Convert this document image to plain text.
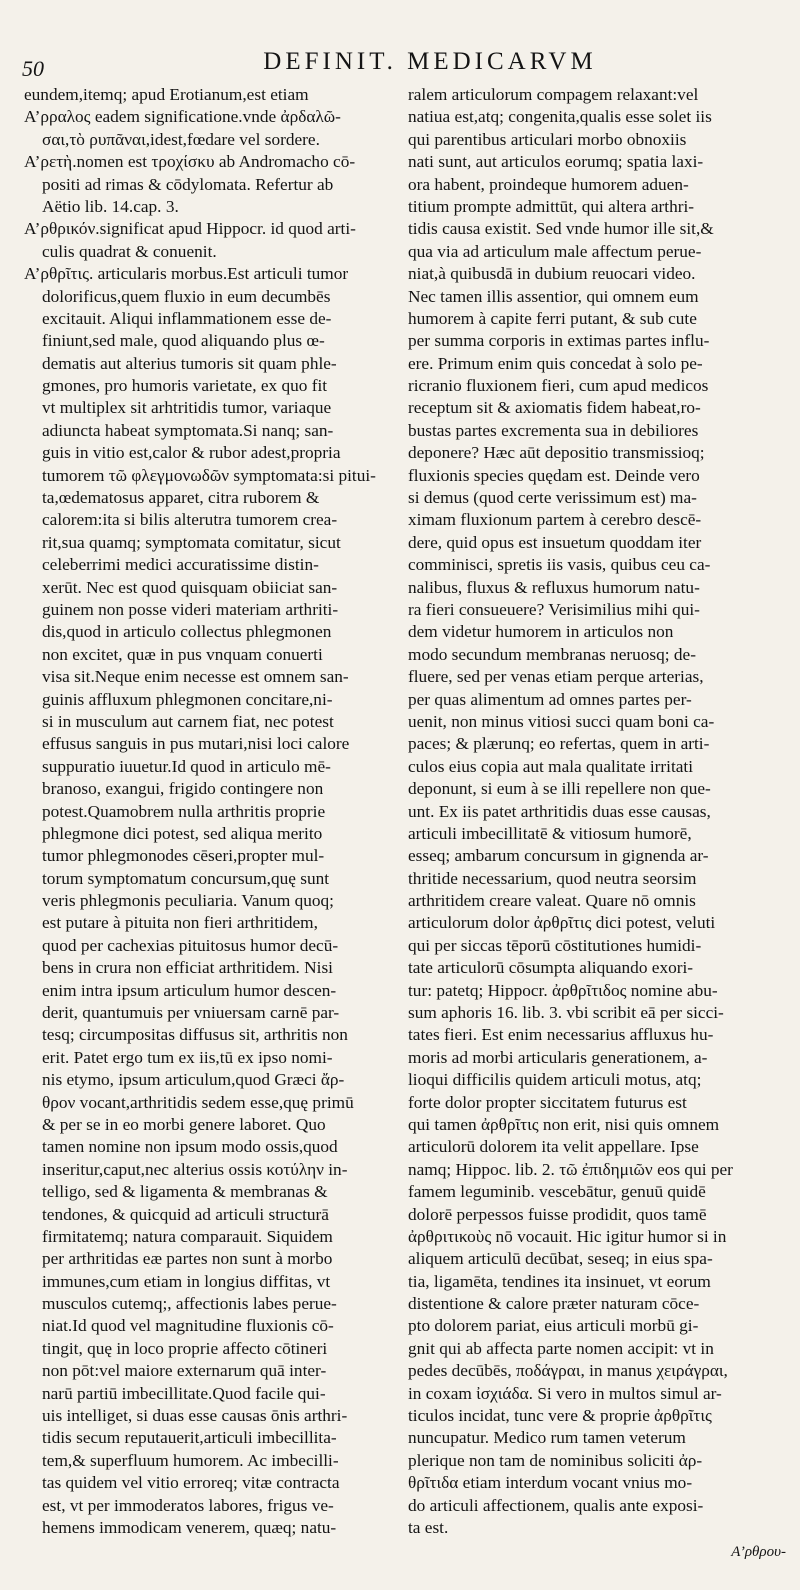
50	DEFINIT. MEDICARVM
eundem,itemq; apud Erotianum,est etiam
Α’ρραλος eadem significatione.vnde ἀρδαλῶ-
σαι,τὸ ρυπᾶναι,idest,fœdare vel sordere.
Α’ρετὴ.nomen est τροχίσκυ ab Andromacho cō-
positi ad rimas & cōdylomata. Refertur ab
Aëtio lib. 14.cap. 3.
Α’ρθρικόν.significat apud Hippocr. id quod arti-
culis quadrat & conuenit.
Α’ρθρῖτις. articularis morbus.Est articuli tumor
dolorificus,quem fluxio in eum decumbēs
excitauit. Aliqui inflammationem esse de-
finiunt,sed male, quod aliquando plus œ-
dematis aut alterius tumoris sit quam phle-
gmones, pro humoris varietate, ex quo fit
vt multiplex sit arhtritidis tumor, variaque
adiuncta habeat symptomata.Si nanq; san-
guis in vitio est,calor & rubor adest,propria
tumorem τῶ φλεγμονωδῶν symptomata:si pitui-
ta,œdematosus apparet, citra ruborem &
calorem:ita si bilis alterutra tumorem crea-
rit,sua quamq; symptomata comitatur, sicut
celeberrimi medici accuratissime distin-
xerūt. Nec est quod quisquam obiiciat san-
guinem non posse videri materiam arthriti-
dis,quod in articulo collectus phlegmonen
non excitet, quæ in pus vnquam conuerti
visa sit.Neque enim necesse est omnem san-
guinis affluxum phlegmonen concitare,ni-
si in musculum aut carnem fiat, nec potest
effusus sanguis in pus mutari,nisi loci calore
suppuratio iuuetur.Id quod in articulo mē-
branoso, exangui, frigido contingere non
potest.Quamobrem nulla arthritis proprie
phlegmone dici potest, sed aliqua merito
tumor phlegmonodes cēseri,propter mul-
torum symptomatum concursum,quę sunt
veris phlegmonis peculiaria. Vanum quoq;
est putare à pituita non fieri arthritidem,
quod per cachexias pituitosus humor decū-
bens in crura non efficiat arthritidem. Nisi
enim intra ipsum articulum humor descen-
derit, quantumuis per vniuersam carnē par-
tesq; circumpositas diffusus sit, arthritis non
erit. Patet ergo tum ex iis,tū ex ipso nomi-
nis etymo, ipsum articulum,quod Græci ἄρ-
θρον vocant,arthritidis sedem esse,quę primū
& per se in eo morbi genere laboret. Quo
tamen nomine non ipsum modo ossis,quod
inseritur,caput,nec alterius ossis κοτύλην in-
telligo, sed & ligamenta & membranas &
tendones, & quicquid ad articuli structurā
firmitatemq; natura comparauit. Siquidem
per arthritidas eæ partes non sunt à morbo
immunes,cum etiam in longius diffitas, vt
musculos cutemq;, affectionis labes perue-
niat.Id quod vel magnitudine fluxionis cō-
tingit, quę in loco proprie affecto cōtineri
non pōt:vel maiore externarum quā inter-
narū partiū imbecillitate.Quod facile qui-
uis intelliget, si duas esse causas ōnis arthri-
tidis secum reputauerit,articuli imbecillita-
tem,& superfluum humorem. Ac imbecilli-
tas quidem vel vitio erroreq; vitæ contracta
est, vt per immoderatos labores, frigus ve-
hemens immodicam venerem, quæq; natu-
ralem articulorum compagem relaxant:vel
natiua est,atq; congenita,qualis esse solet iis
qui parentibus articulari morbo obnoxiis
nati sunt, aut articulos eorumq; spatia laxi-
ora habent, proindeque humorem aduen-
titium prompte admittūt, qui altera arthri-
tidis causa existit. Sed vnde humor ille sit,&
qua via ad articulum male affectum perue-
niat,à quibusdā in dubium reuocari video.
Nec tamen illis assentior, qui omnem eum
humorem à capite ferri putant, & sub cute
per summa corporis in extimas partes influ-
ere. Primum enim quis concedat à solo pe-
ricranio fluxionem fieri, cum apud medicos
receptum sit & axiomatis fidem habeat,ro-
bustas partes excrementa sua in debiliores
deponere? Hæc aūt depositio transmissioq;
fluxionis species quędam est. Deinde vero
si demus (quod certe verissimum est) ma-
ximam fluxionum partem à cerebro descē-
dere, quid opus est insuetum quoddam iter
comminisci, spretis iis vasis, quibus ceu ca-
nalibus, fluxus & refluxus humorum natu-
ra fieri consueuere? Verisimilius mihi qui-
dem videtur humorem in articulos non
modo secundum membranas neruosq; de-
fluere, sed per venas etiam perque arterias,
per quas alimentum ad omnes partes per-
uenit, non minus vitiosi succi quam boni ca-
paces; & plærunq; eo refertas, quem in arti-
culos eius copia aut mala qualitate irritati
deponunt, si eum à se illi repellere non que-
unt. Ex iis patet arthritidis duas esse causas,
articuli imbecillitatē & vitiosum humorē,
esseq; ambarum concursum in gignenda ar-
thritide necessarium, quod neutra seorsim
arthritidem creare valeat. Quare nō omnis
articulorum dolor ἀρθρῖτις dici potest, veluti
qui per siccas tēporū cōstitutiones humidi-
tate articulorū cōsumpta aliquando exori-
tur: patetq; Hippocr. ἀρθρῖτιδος nomine abu-
sum aphoris 16. lib. 3. vbi scribit eā per sicci-
tates fieri. Est enim necessarius affluxus hu-
moris ad morbi articularis generationem, a-
lioqui difficilis quidem articuli motus, atq;
forte dolor propter siccitatem futurus est
qui tamen ἀρθρῖτις non erit, nisi quis omnem
articulorū dolorem ita velit appellare. Ipse
namq; Hippoc. lib. 2. τῶ ἐπιδημιῶν eos qui per
famem leguminib. vescebātur, genuū quidē
dolorē perpessos fuisse prodidit, quos tamē
ἀρθριτικοὺς nō vocauit. Hic igitur humor si in
aliquem articulū decūbat, seseq; in eius spa-
tia, ligamēta, tendines ita insinuet, vt eorum
distentione & calore præter naturam cōce-
pto dolorem pariat, eius articuli morbū gi-
gnit qui ab affecta parte nomen accipit: vt in
pedes decūbēs, ποδάγραι, in manus χειράγραι,
in coxam ἰσχιάδα. Si vero in multos simul ar-
ticulos incidat, tunc vere & proprie ἀρθρῖτις
nuncupatur. Medico rum tamen veterum
plerique non tam de nominibus soliciti ἀρ-
θρῖτιδα etiam interdum vocant vnius mo-
do articuli affectionem, qualis ante exposi-
ta est.
Α’ρθρου-
